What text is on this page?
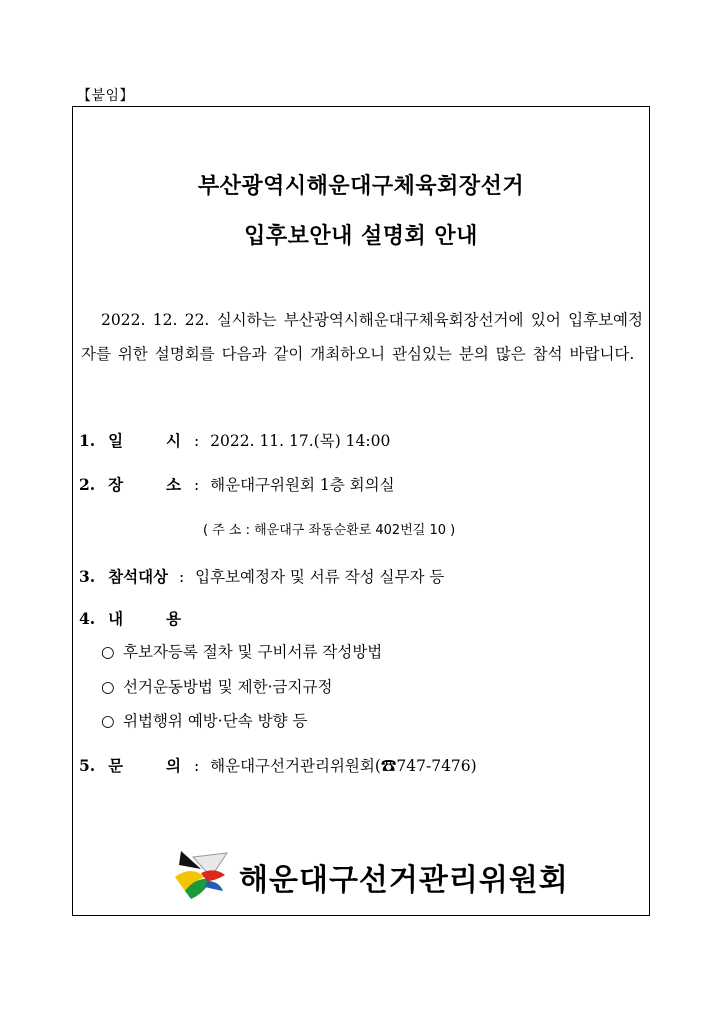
【붙임】
부산광역시해운대구체육회장선거
입후보안내 설명회 안내
2022. 12. 22. 실시하는 부산광역시해운대구체육회장선거에 있어 입후보예정자를 위한 설명회를 다음과 같이 개최하오니 관심있는 분의 많은 참석 바랍니다.
1. 일	시 : 2022. 11. 17.(목) 14:00
2. 장	소 : 해운대구위원회 1층 회의실
( 주 소 : 해운대구 좌동순환로 402번길 10 )
3. 참석대상 : 입후보예정자 및 서류 작성 실무자 등
4. 내	용
○ 후보자등록 절차 및 구비서류 작성방법
○ 선거운동방법 및 제한·금지규정
○ 위법행위 예방·단속 방향 등
5. 문	의 : 해운대구선거관리위원회(☎747-7476)
해운대구선거관리위원회
